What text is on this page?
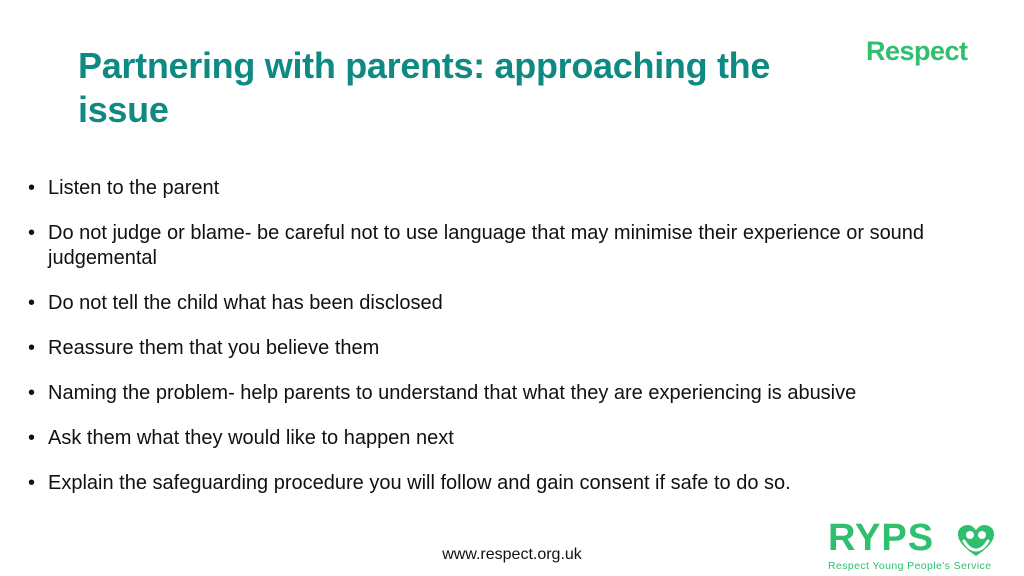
Partnering with parents: approaching the issue
Respect
• Listen to the parent
• Do not judge or blame- be careful not to use language that may minimise their experience or sound judgemental
• Do not tell the child what has been disclosed
• Reassure them that you believe them
• Naming the problem- help parents to understand that what they are experiencing is abusive
• Ask them what they would like to happen next
• Explain the safeguarding procedure you will follow and gain consent if safe to do so.
www.respect.org.uk	RYPS
Respect Young People's Service
